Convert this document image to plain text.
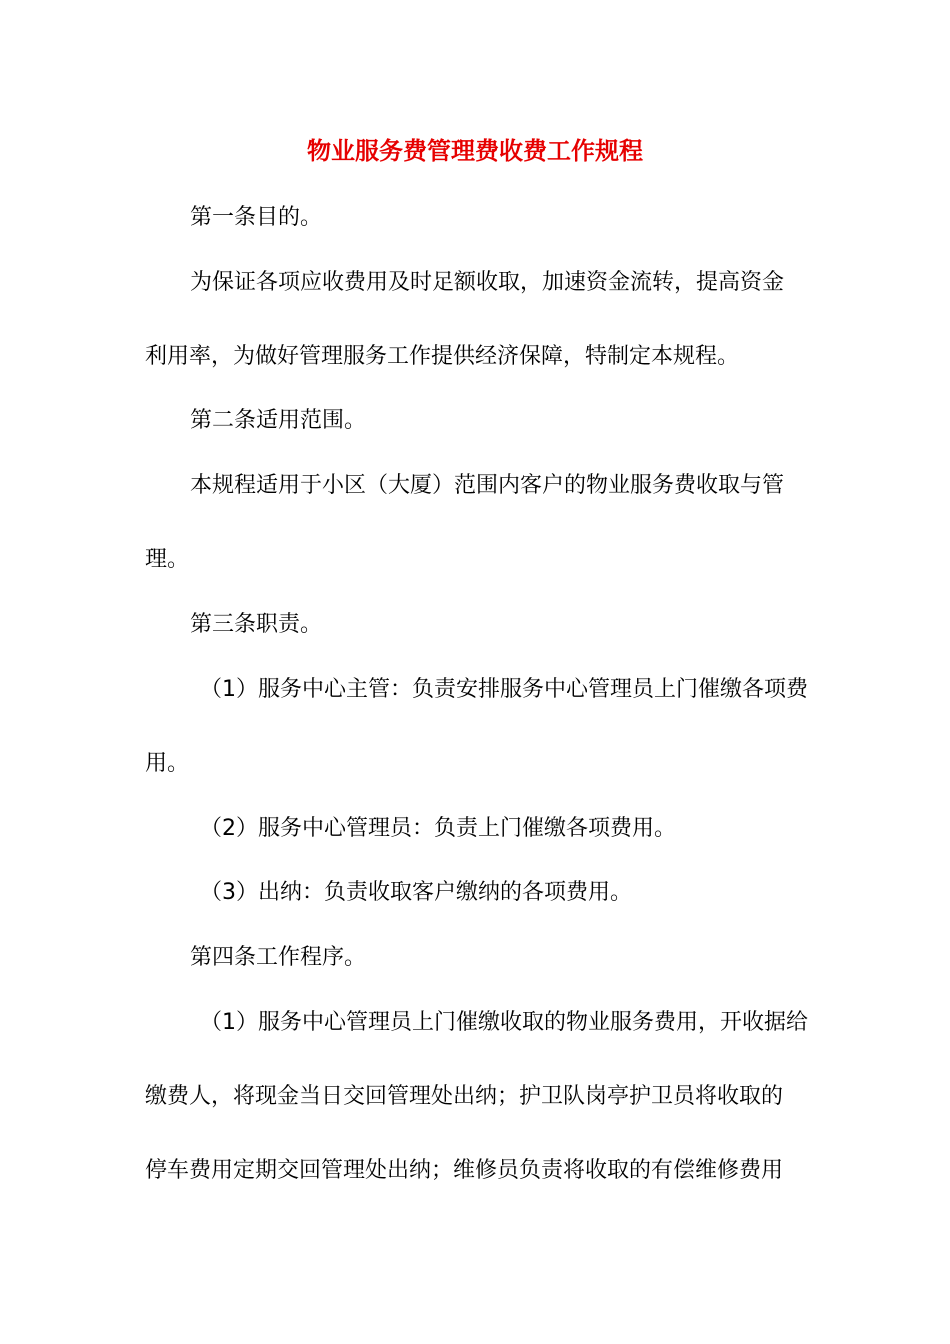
物业服务费管理费收费工作规程
第一条目的。
为保证各项应收费用及时足额收取，加速资金流转，提高资金
利用率，为做好管理服务工作提供经济保障，特制定本规程。
第二条适用范围。
本规程适用于小区（大厦）范围内客户的物业服务费收取与管
理。
第三条职责。
（1）服务中心主管：负责安排服务中心管理员上门催缴各项费
用。
（2）服务中心管理员：负责上门催缴各项费用。
（3）出纳：负责收取客户缴纳的各项费用。
第四条工作程序。
（1）服务中心管理员上门催缴收取的物业服务费用，开收据给
缴费人，将现金当日交回管理处出纳；护卫队岗亭护卫员将收取的
停车费用定期交回管理处出纳；维修员负责将收取的有偿维修费用
